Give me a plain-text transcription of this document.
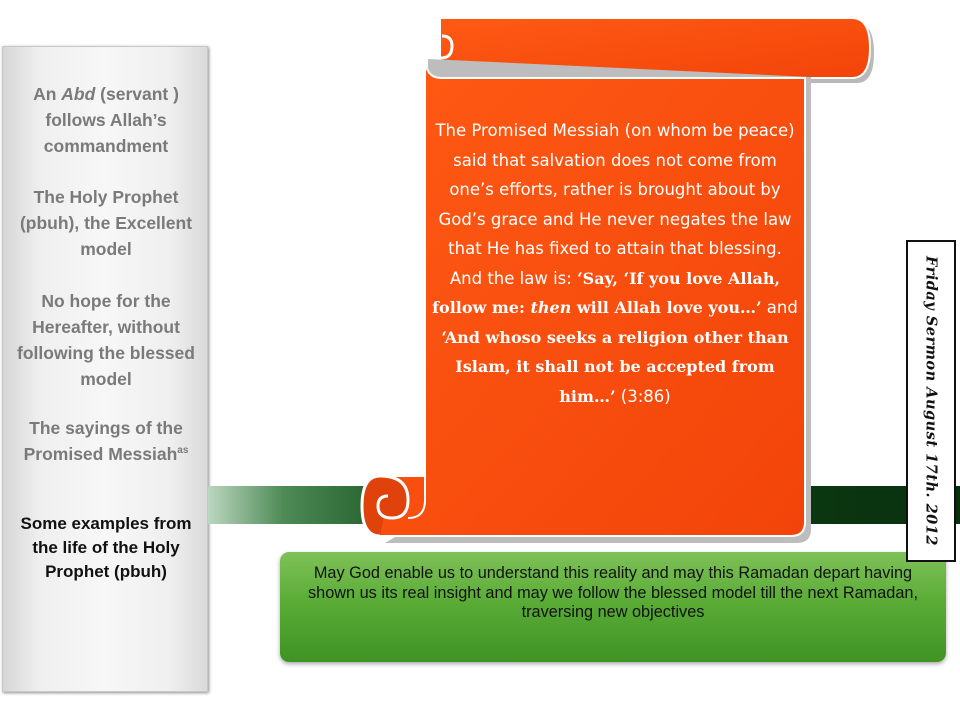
An Abd (servant ) follows Allah’s commandment
The Holy Prophet (pbuh), the Excellent model
No hope for the Hereafter, without following the blessed model
The sayings of the Promised Messiah$^{as}$
Some examples from the life of the Holy Prophet (pbuh)
The Promised Messiah (on whom be peace) said that salvation does not come from one’s efforts, rather is brought about by God’s grace and He never negates the law that He has fixed to attain that blessing. And the law is: ‘Say, ‘If you love Allah, follow me: then will Allah love you…’ and ‘And whoso seeks a religion other than Islam, it shall not be accepted from him…’ (3:86)
May God enable us to understand this reality and may this Ramadan depart having shown us its real insight and may we follow the blessed model till the next Ramadan, traversing new objectives
Friday Sermon August 17th. 2012
